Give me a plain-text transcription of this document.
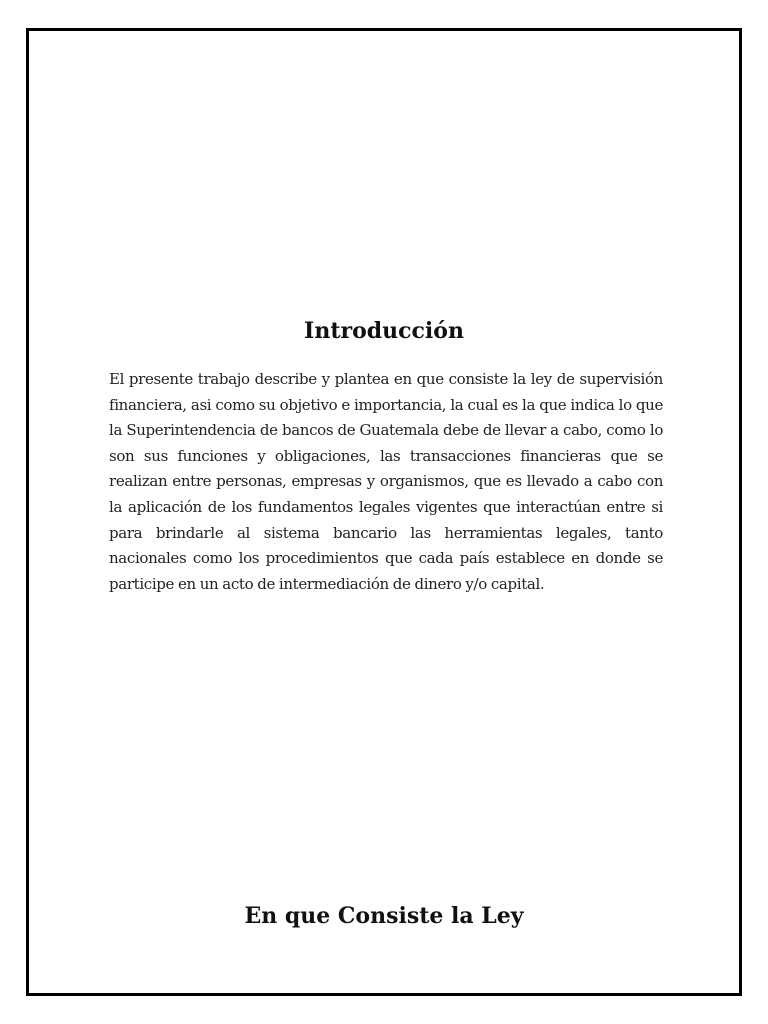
Introducción

El presente trabajo describe y plantea en que consiste la ley de supervisión financiera, asi como su objetivo e importancia, la cual es la que indica lo que la Superintendencia de bancos de Guatemala debe de llevar a cabo, como lo son sus funciones y obligaciones, las transacciones financieras que se realizan entre personas, empresas y organismos, que es llevado a cabo con la aplicación de los fundamentos legales vigentes que interactúan entre si para brindarle al sistema bancario las herramientas legales, tanto nacionales como los procedimientos que cada país establece en donde se participe en un acto de intermediación de dinero y/o capital.

En que Consiste la Ley
